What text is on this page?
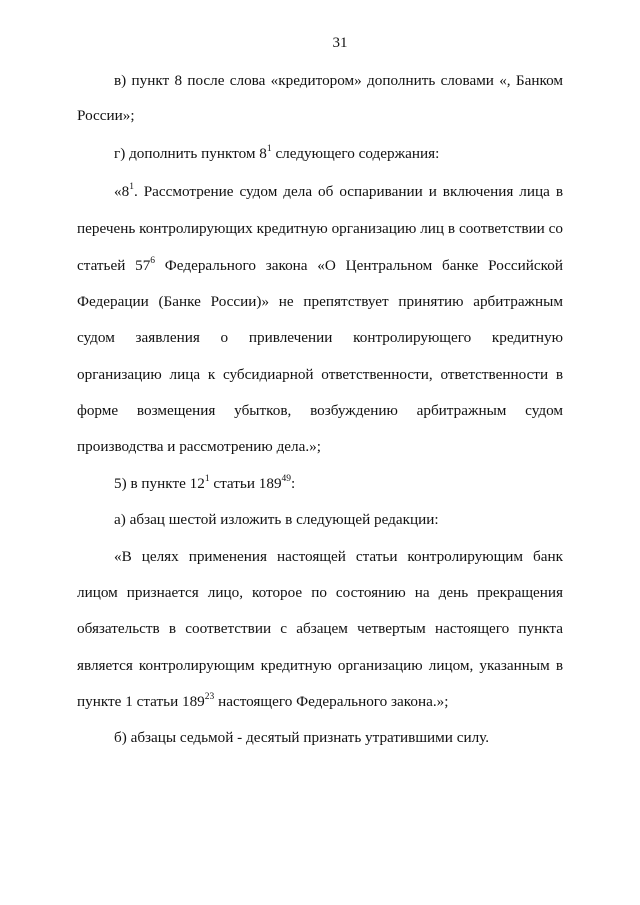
31
в) пункт 8 после слова «кредитором» дополнить словами «, Банком
России»;
г) дополнить пунктом $8^1$ следующего содержания:
«$8^1$. Рассмотрение судом дела об оспаривании и включения лица в
перечень контролирующих кредитную организацию лиц в соответствии со
статьей $57^6$ Федерального закона «О Центральном банке Российской
Федерации (Банке России)» не препятствует принятию арбитражным
судом заявления о привлечении контролирующего кредитную
организацию лица к субсидиарной ответственности, ответственности в
форме возмещения убытков, возбуждению арбитражным судом
производства и рассмотрению дела.»;
5) в пункте $12^1$ статьи $189^{49}$:
а) абзац шестой изложить в следующей редакции:
«В целях применения настоящей статьи контролирующим банк
лицом признается лицо, которое по состоянию на день прекращения
обязательств в соответствии с абзацем четвертым настоящего пункта
является контролирующим кредитную организацию лицом, указанным в
пункте 1 статьи $189^{23}$ настоящего Федерального закона.»;
б) абзацы седьмой - десятый признать утратившими силу.
